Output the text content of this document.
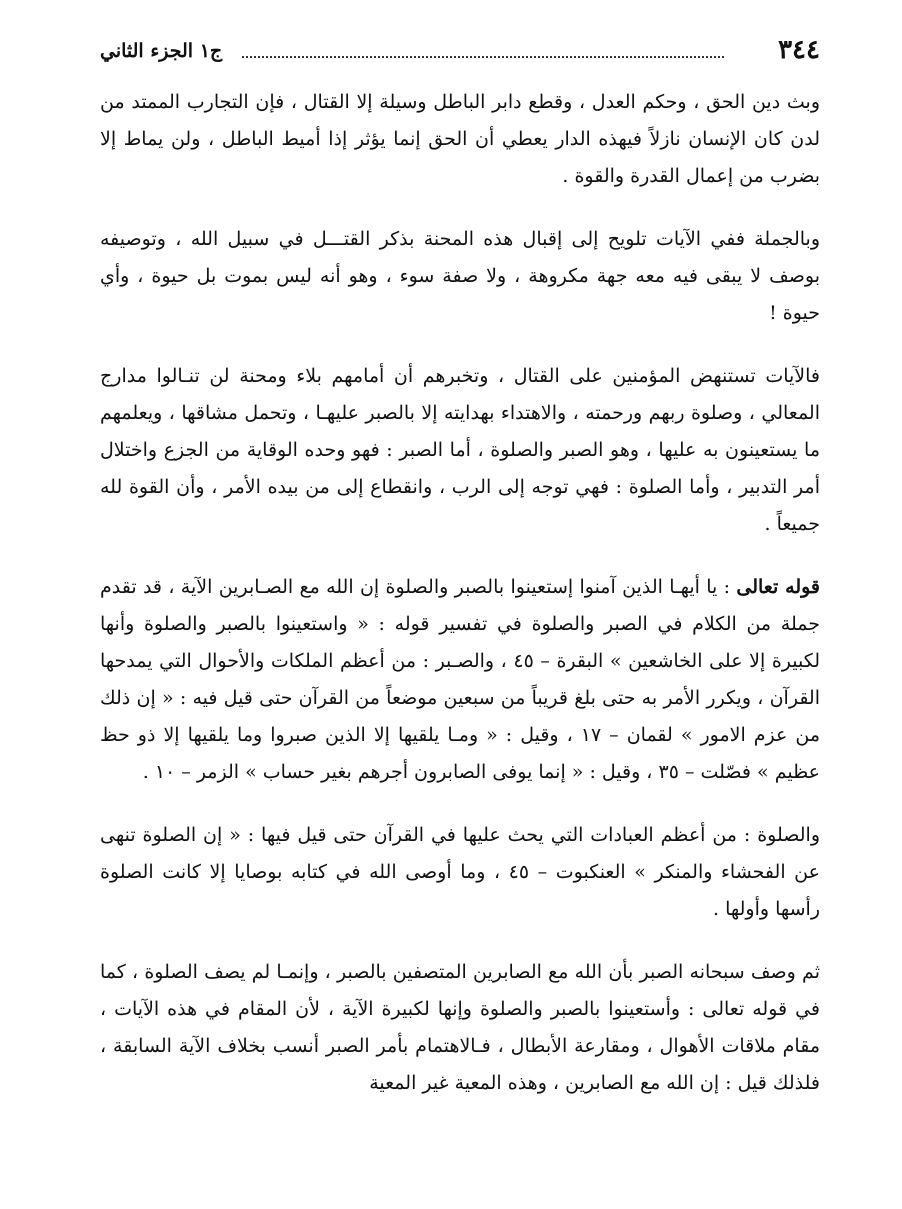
٣٤٤
ج١ الجزء الثاني

وبث دين الحق ، وحكم العدل ، وقطع دابر الباطل وسيلة إلا القتال ، فإن التجارب الممتد من لدن كان الإنسان نازلاً فيهذه الدار يعطي أن الحق إنما يؤثر إذا أميط الباطل ، ولن يماط إلا بضرب من إعمال القدرة والقوة .

وبالجملة ففي الآيات تلويح إلى إقبال هذه المحنة بذكر القتـــل في سبيل الله ، وتوصيفه بوصف لا يبقى فيه معه جهة مكروهة ، ولا صفة سوء ، وهو أنه ليس بموت بل حيوة ، وأي حيوة !

فالآيات تستنهض المؤمنين على القتال ، وتخبرهم أن أمامهم بلاء ومحنة لن تنـالوا مدارج المعالي ، وصلوة ربهم ورحمته ، والاهتداء بهدايته إلا بالصبر عليهـا ، وتحمل مشاقها ، ويعلمهم ما يستعينون به عليها ، وهو الصبر والصلوة ، أما الصبر : فهو وحده الوقاية من الجزع واختلال أمر التدبير ، وأما الصلوة : فهي توجه إلى الرب ، وانقطاع إلى من بيده الأمر ، وأن القوة لله جميعاً .

قوله تعالى : يا أيهـا الذين آمنوا إستعينوا بالصبر والصلوة إن الله مع الصـابرين الآية ، قد تقدم جملة من الكلام في الصبر والصلوة في تفسير قوله : « واستعينوا بالصبر والصلوة وأنها لكبيرة إلا على الخاشعين » البقرة – ٤٥ ، والصـبر : من أعظم الملكات والأحوال التي يمدحها القرآن ، ويكرر الأمر به حتى بلغ قريباً من سبعين موضعاً من القرآن حتى قيل فيه : « إن ذلك من عزم الامور » لقمان – ١٧ ، وقيل : « ومـا يلقيها إلا الذين صبروا وما يلقيها إلا ذو حظ عظيم » فصّلت – ٣٥ ، وقيل : « إنما يوفى الصابرون أجرهم بغير حساب » الزمر – ١٠ .

والصلوة : من أعظم العبادات التي يحث عليها في القرآن حتى قيل فيها : « إن الصلوة تنهى عن الفحشاء والمنكر » العنكبوت – ٤٥ ، وما أوصى الله في كتابه بوصايا إلا كانت الصلوة رأسها وأولها .

ثم وصف سبحانه الصبر بأن الله مع الصابرين المتصفين بالصبر ، وإنمـا لم يصف الصلوة ، كما في قوله تعالى : وأستعينوا بالصبر والصلوة وإنها لكبيرة الآية ، لأن المقام في هذه الآيات ، مقام ملاقات الأهوال ، ومقارعة الأبطال ، فـالاهتمام بأمر الصبر أنسب بخلاف الآية السابقة ، فلذلك قيل : إن الله مع الصابرين ، وهذه المعية غير المعية
